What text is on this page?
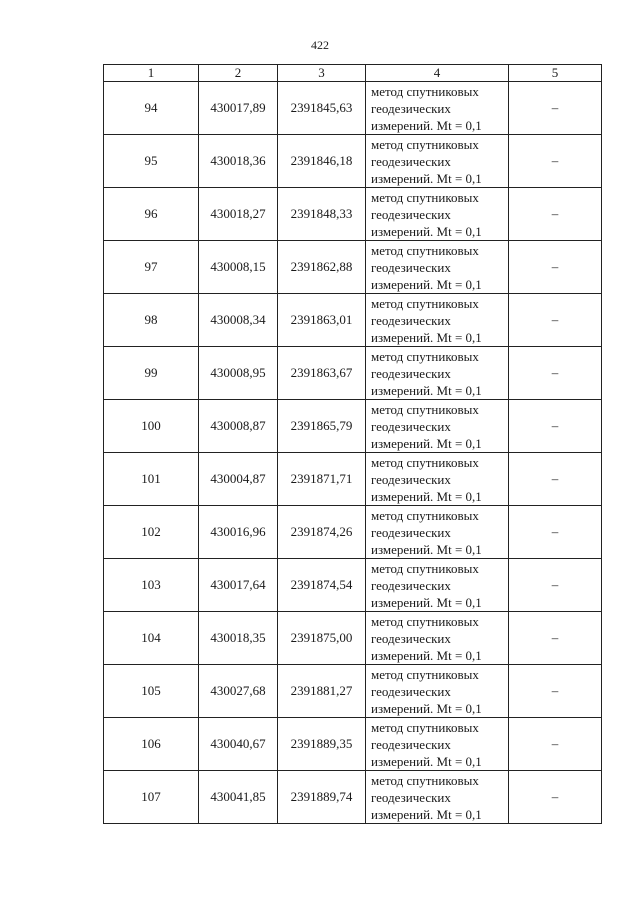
422
1	2	3	4	5
94	430017,89	2391845,63	метод спутниковых
геодезических
измерений. Mt = 0,1	–
95	430018,36	2391846,18	метод спутниковых
геодезических
измерений. Mt = 0,1	–
96	430018,27	2391848,33	метод спутниковых
геодезических
измерений. Mt = 0,1	–
97	430008,15	2391862,88	метод спутниковых
геодезических
измерений. Mt = 0,1	–
98	430008,34	2391863,01	метод спутниковых
геодезических
измерений. Mt = 0,1	–
99	430008,95	2391863,67	метод спутниковых
геодезических
измерений. Mt = 0,1	–
100	430008,87	2391865,79	метод спутниковых
геодезических
измерений. Mt = 0,1	–
101	430004,87	2391871,71	метод спутниковых
геодезических
измерений. Mt = 0,1	–
102	430016,96	2391874,26	метод спутниковых
геодезических
измерений. Mt = 0,1	–
103	430017,64	2391874,54	метод спутниковых
геодезических
измерений. Mt = 0,1	–
104	430018,35	2391875,00	метод спутниковых
геодезических
измерений. Mt = 0,1	–
105	430027,68	2391881,27	метод спутниковых
геодезических
измерений. Mt = 0,1	–
106	430040,67	2391889,35	метод спутниковых
геодезических
измерений. Mt = 0,1	–
107	430041,85	2391889,74	метод спутниковых
геодезических
измерений. Mt = 0,1	–
